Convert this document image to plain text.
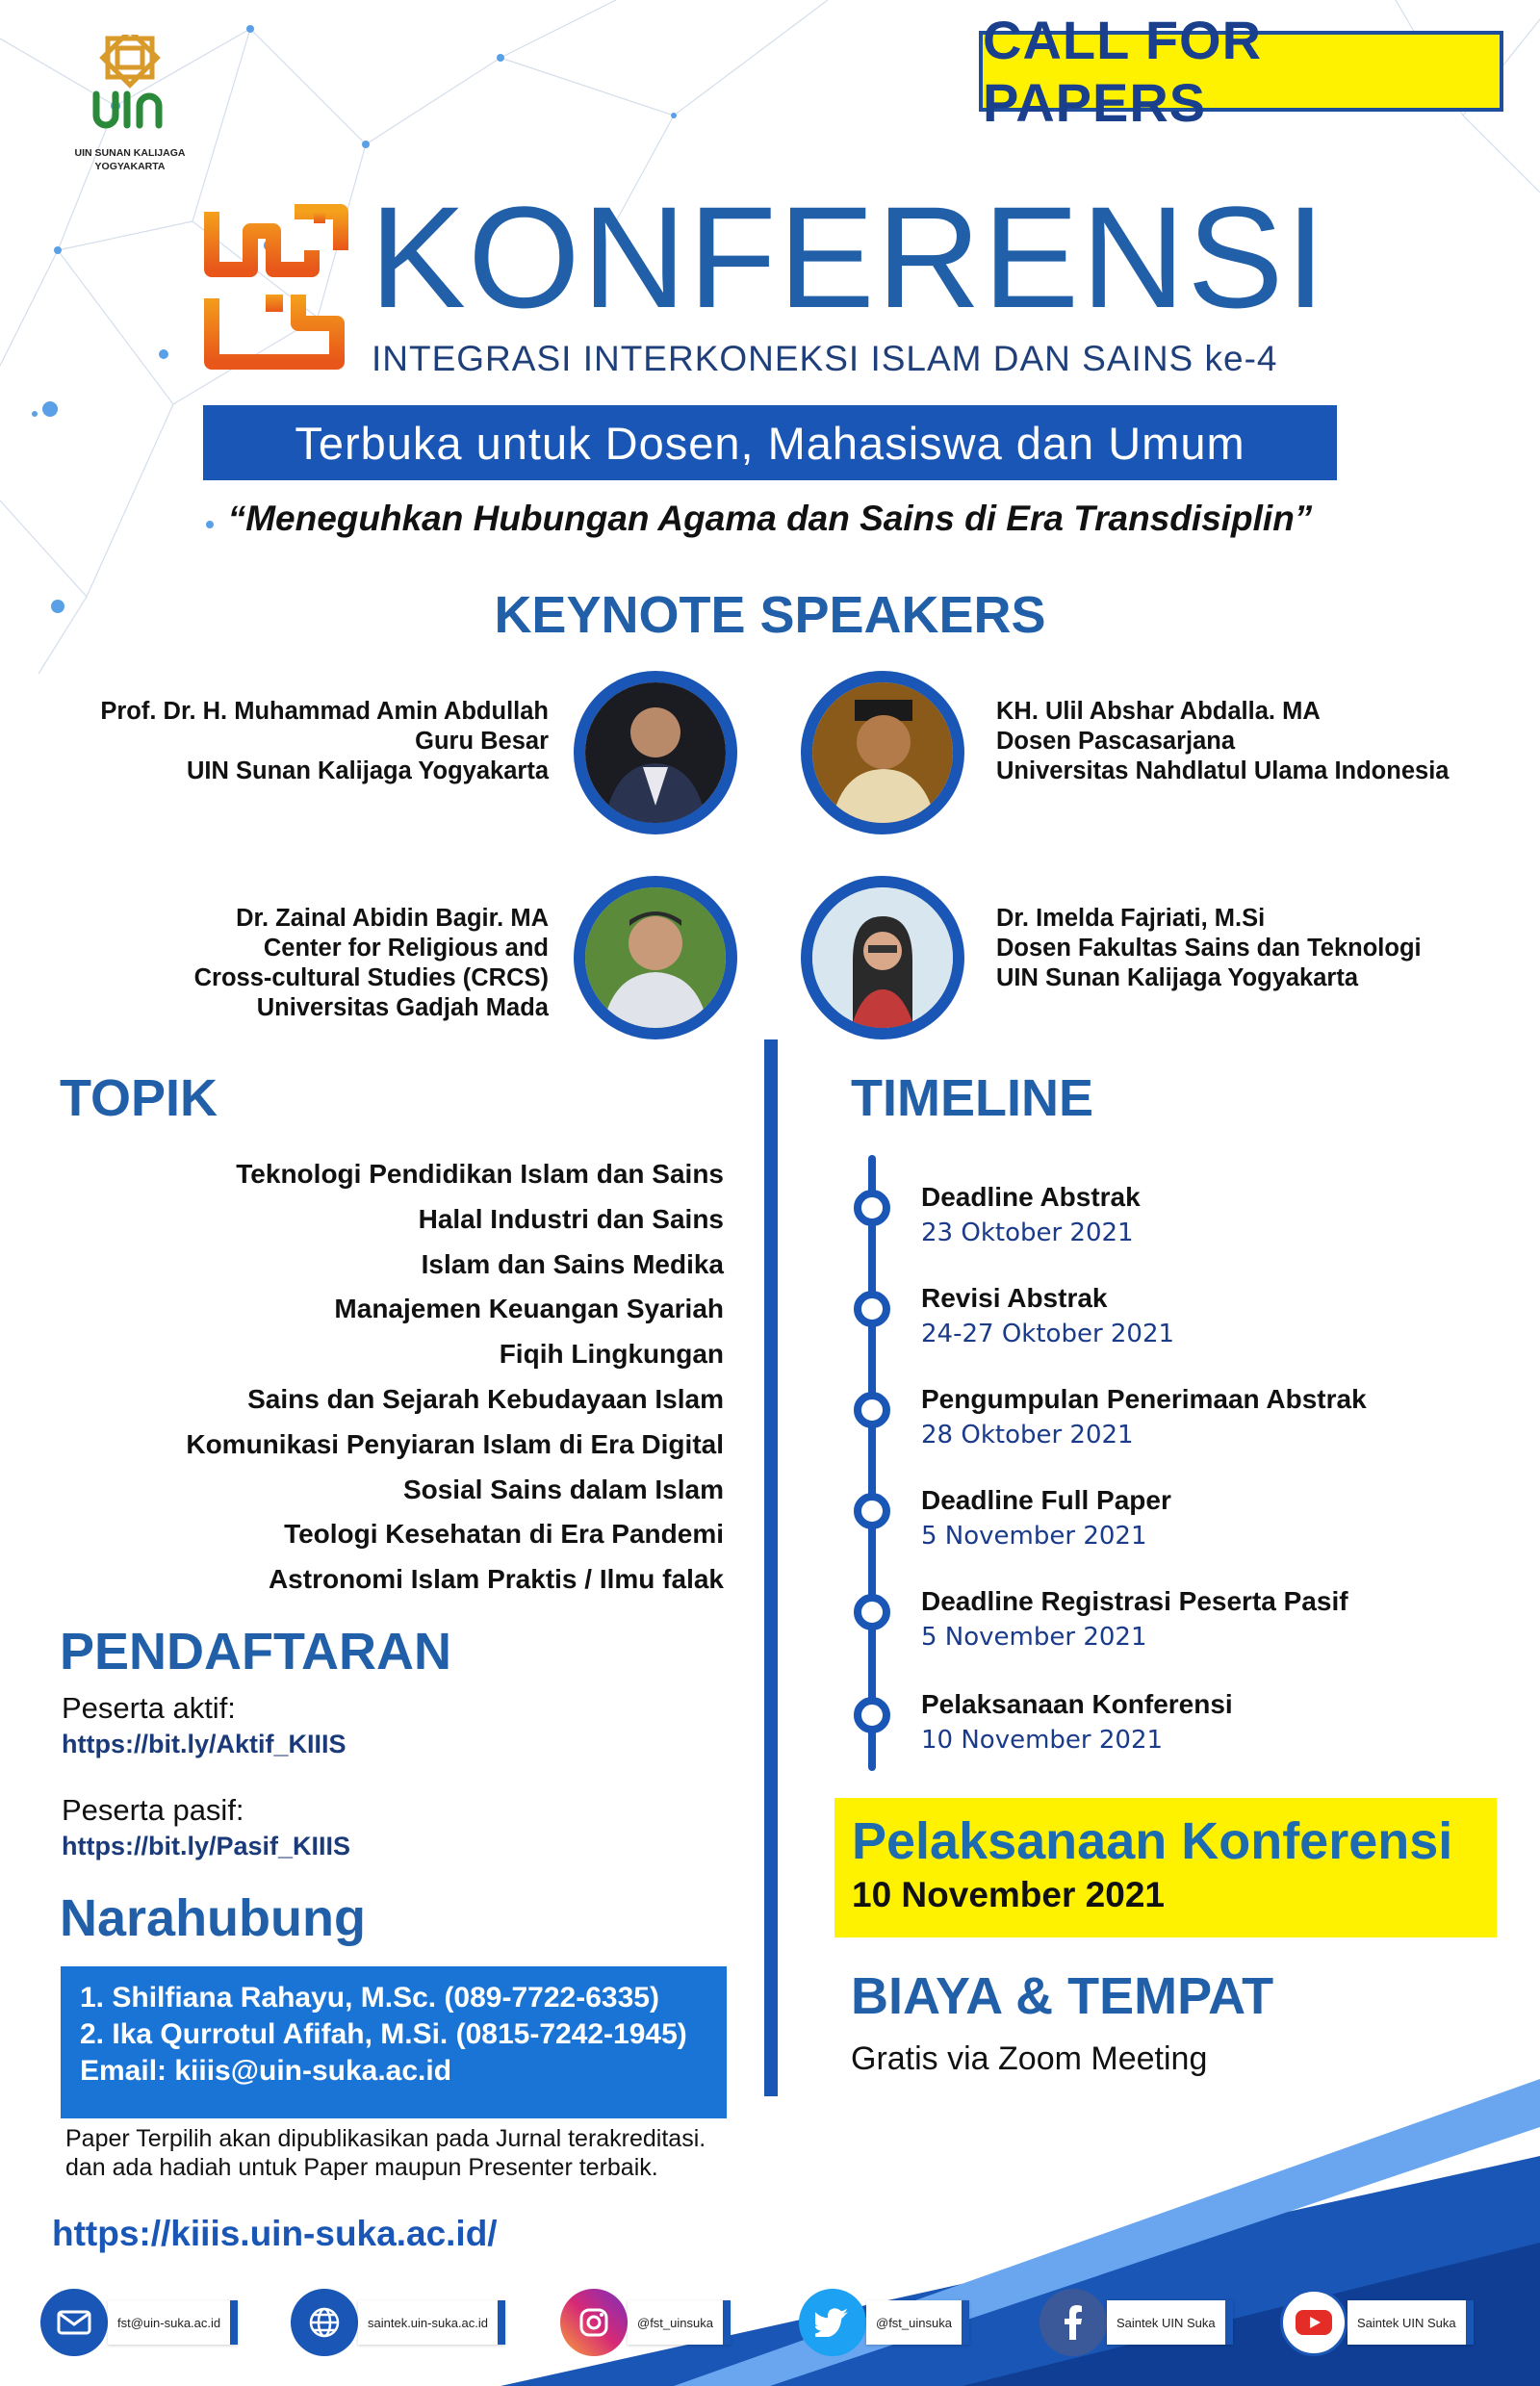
CALL FOR PAPERS
UIN SUNAN KALIJAGA
YOGYAKARTA
KONFERENSI
INTEGRASI INTERKONEKSI ISLAM DAN SAINS ke-4
Terbuka untuk Dosen, Mahasiswa dan Umum
“Meneguhkan Hubungan Agama dan Sains di Era Transdisiplin”
KEYNOTE SPEAKERS
Prof. Dr. H. Muhammad Amin Abdullah
Guru Besar
UIN Sunan Kalijaga Yogyakarta
KH. Ulil Abshar Abdalla. MA
Dosen Pascasarjana
Universitas Nahdlatul Ulama Indonesia
Dr. Zainal Abidin Bagir. MA
Center for Religious and
Cross-cultural Studies (CRCS)
Universitas Gadjah Mada
Dr. Imelda Fajriati, M.Si
Dosen Fakultas Sains dan Teknologi
UIN Sunan Kalijaga Yogyakarta
TOPIK
Teknologi Pendidikan Islam dan Sains
Halal Industri dan Sains
Islam dan Sains Medika
Manajemen Keuangan Syariah
Fiqih Lingkungan
Sains dan Sejarah Kebudayaan Islam
Komunikasi Penyiaran Islam di Era Digital
Sosial Sains dalam Islam
Teologi Kesehatan di Era Pandemi
Astronomi Islam Praktis / Ilmu falak
PENDAFTARAN
Peserta aktif:
https://bit.ly/Aktif_KIIIS
Peserta pasif:
https://bit.ly/Pasif_KIIIS
Narahubung
1. Shilfiana Rahayu, M.Sc. (089-7722-6335)
2. Ika Qurrotul Afifah, M.Si. (0815-7242-1945)
Email: kiiis@uin-suka.ac.id
Paper Terpilih akan dipublikasikan pada Jurnal terakreditasi.
dan ada hadiah untuk Paper maupun Presenter terbaik.
https://kiiis.uin-suka.ac.id/
TIMELINE
Deadline Abstrak
23 Oktober 2021
Revisi Abstrak
24-27 Oktober 2021
Pengumpulan Penerimaan Abstrak
28 Oktober 2021
Deadline Full Paper
5 November 2021
Deadline Registrasi Peserta Pasif
5 November 2021
Pelaksanaan Konferensi
10 November 2021
Pelaksanaan Konferensi
10 November 2021
BIAYA & TEMPAT
Gratis via Zoom Meeting
fst@uin-suka.ac.id	saintek.uin-suka.ac.id	@fst_uinsuka	@fst_uinsuka	Saintek UIN Suka	Saintek UIN Suka
